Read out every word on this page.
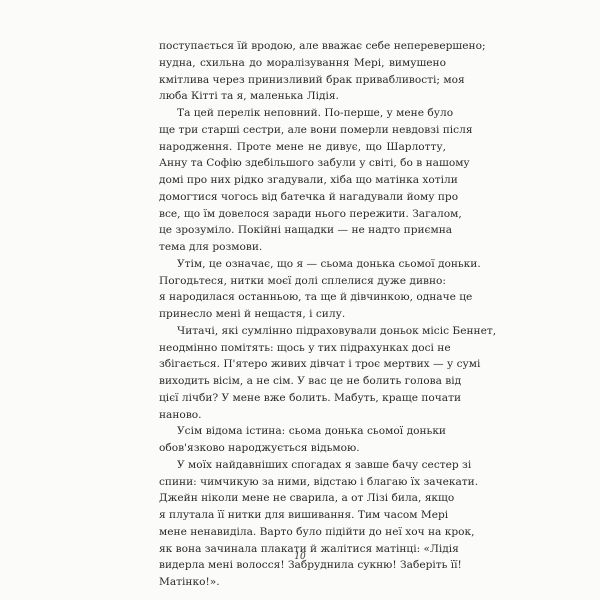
поступається їй вродою, але вважає себе неперевершено;
нудна, схильна до моралізування Мері, вимушено
кмітлива через принизливий брак привабливості; моя
люба Кітті та я, маленька Лідія.
Та цей перелік неповний. По-перше, у мене було
ще три старші сестри, але вони померли невдовзі після
народження. Проте мене не дивує, що Шарлотту,
Анну та Софію здебільшого забули у світі, бо в нашому
домі про них рідко згадували, хіба що матінка хотіли
домогтися чогось від батечка й нагадували йому про
все, що їм довелося заради нього пережити. Загалом,
це зрозуміло. Покійні нащадки — не надто приємна
тема для розмови.
Утім, це означає, що я — сьома донька сьомої доньки.
Погодьтеся, нитки моєї долі сплелися дуже дивно:
я народилася останньою, та ще й дівчинкою, одначе це
принесло мені й нещастя, і силу.
Читачі, які сумлінно підраховували доньок місіс Беннет,
неодмінно помітять: щось у тих підрахунках досі не
збігається. П'ятеро живих дівчат і троє мертвих — у сумі
виходить вісім, а не сім. У вас це не болить голова від
цієї лічби? У мене вже болить. Мабуть, краще почати
наново.
Усім відома істина: сьома донька сьомої доньки
обов'язково народжується відьмою.
У моїх найдавніших спогадах я завше бачу сестер зі
спини: чимчикую за ними, відстаю і благаю їх зачекати.
Джейн ніколи мене не сварила, а от Лізі била, якщо
я плутала її нитки для вишивання. Тим часом Мері
мене ненавиділа. Варто було підійти до неї хоч на крок,
як вона зачинала плакати й жалітися матінці: «Лідія
видерла мені волосся! Забруднила сукню! Заберіть її!
Матінко!».
10
